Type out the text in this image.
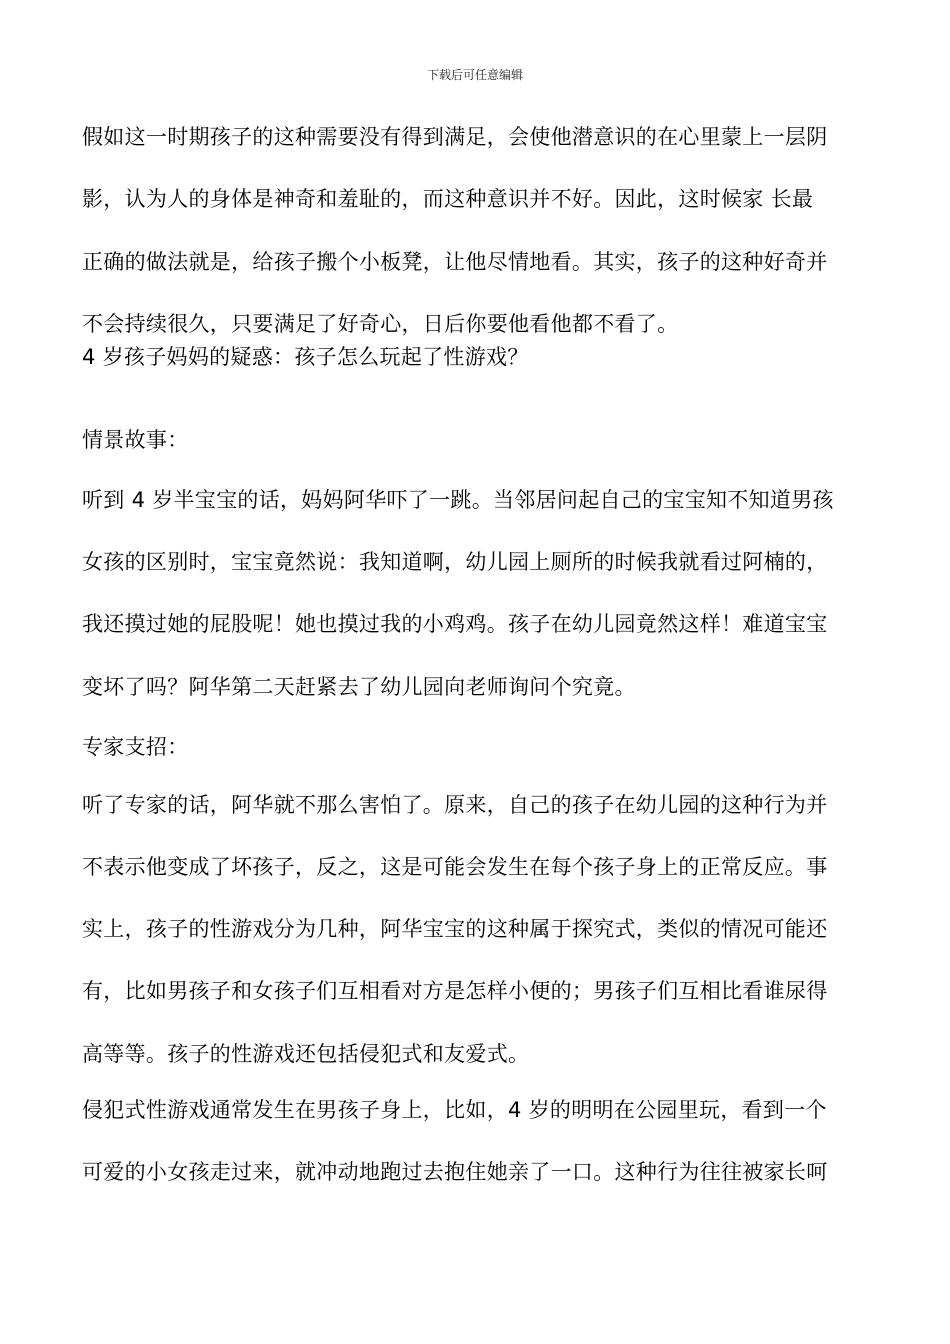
下载后可任意编辑
假如这一时期孩子的这种需要没有得到满足，会使他潜意识的在心里蒙上一层阴
影，认为人的身体是神奇和羞耻的，而这种意识并不好。因此，这时候家 长最
正确的做法就是，给孩子搬个小板凳，让他尽情地看。其实，孩子的这种好奇并
不会持续很久，只要满足了好奇心，日后你要他看他都不看了。
4 岁孩子妈妈的疑惑：孩子怎么玩起了性游戏？
情景故事：
听到 4 岁半宝宝的话，妈妈阿华吓了一跳。当邻居问起自己的宝宝知不知道男孩
女孩的区别时，宝宝竟然说：我知道啊，幼儿园上厕所的时候我就看过阿楠的，
我还摸过她的屁股呢！她也摸过我的小鸡鸡。孩子在幼儿园竟然这样！难道宝宝
变坏了吗？阿华第二天赶紧去了幼儿园向老师询问个究竟。
专家支招：
听了专家的话，阿华就不那么害怕了。原来，自己的孩子在幼儿园的这种行为并
不表示他变成了坏孩子，反之，这是可能会发生在每个孩子身上的正常反应。事
实上，孩子的性游戏分为几种，阿华宝宝的这种属于探究式，类似的情况可能还
有，比如男孩子和女孩子们互相看对方是怎样小便的；男孩子们互相比看谁尿得
高等等。孩子的性游戏还包括侵犯式和友爱式。
侵犯式性游戏通常发生在男孩子身上，比如，4 岁的明明在公园里玩，看到一个
可爱的小女孩走过来，就冲动地跑过去抱住她亲了一口。这种行为往往被家长呵
